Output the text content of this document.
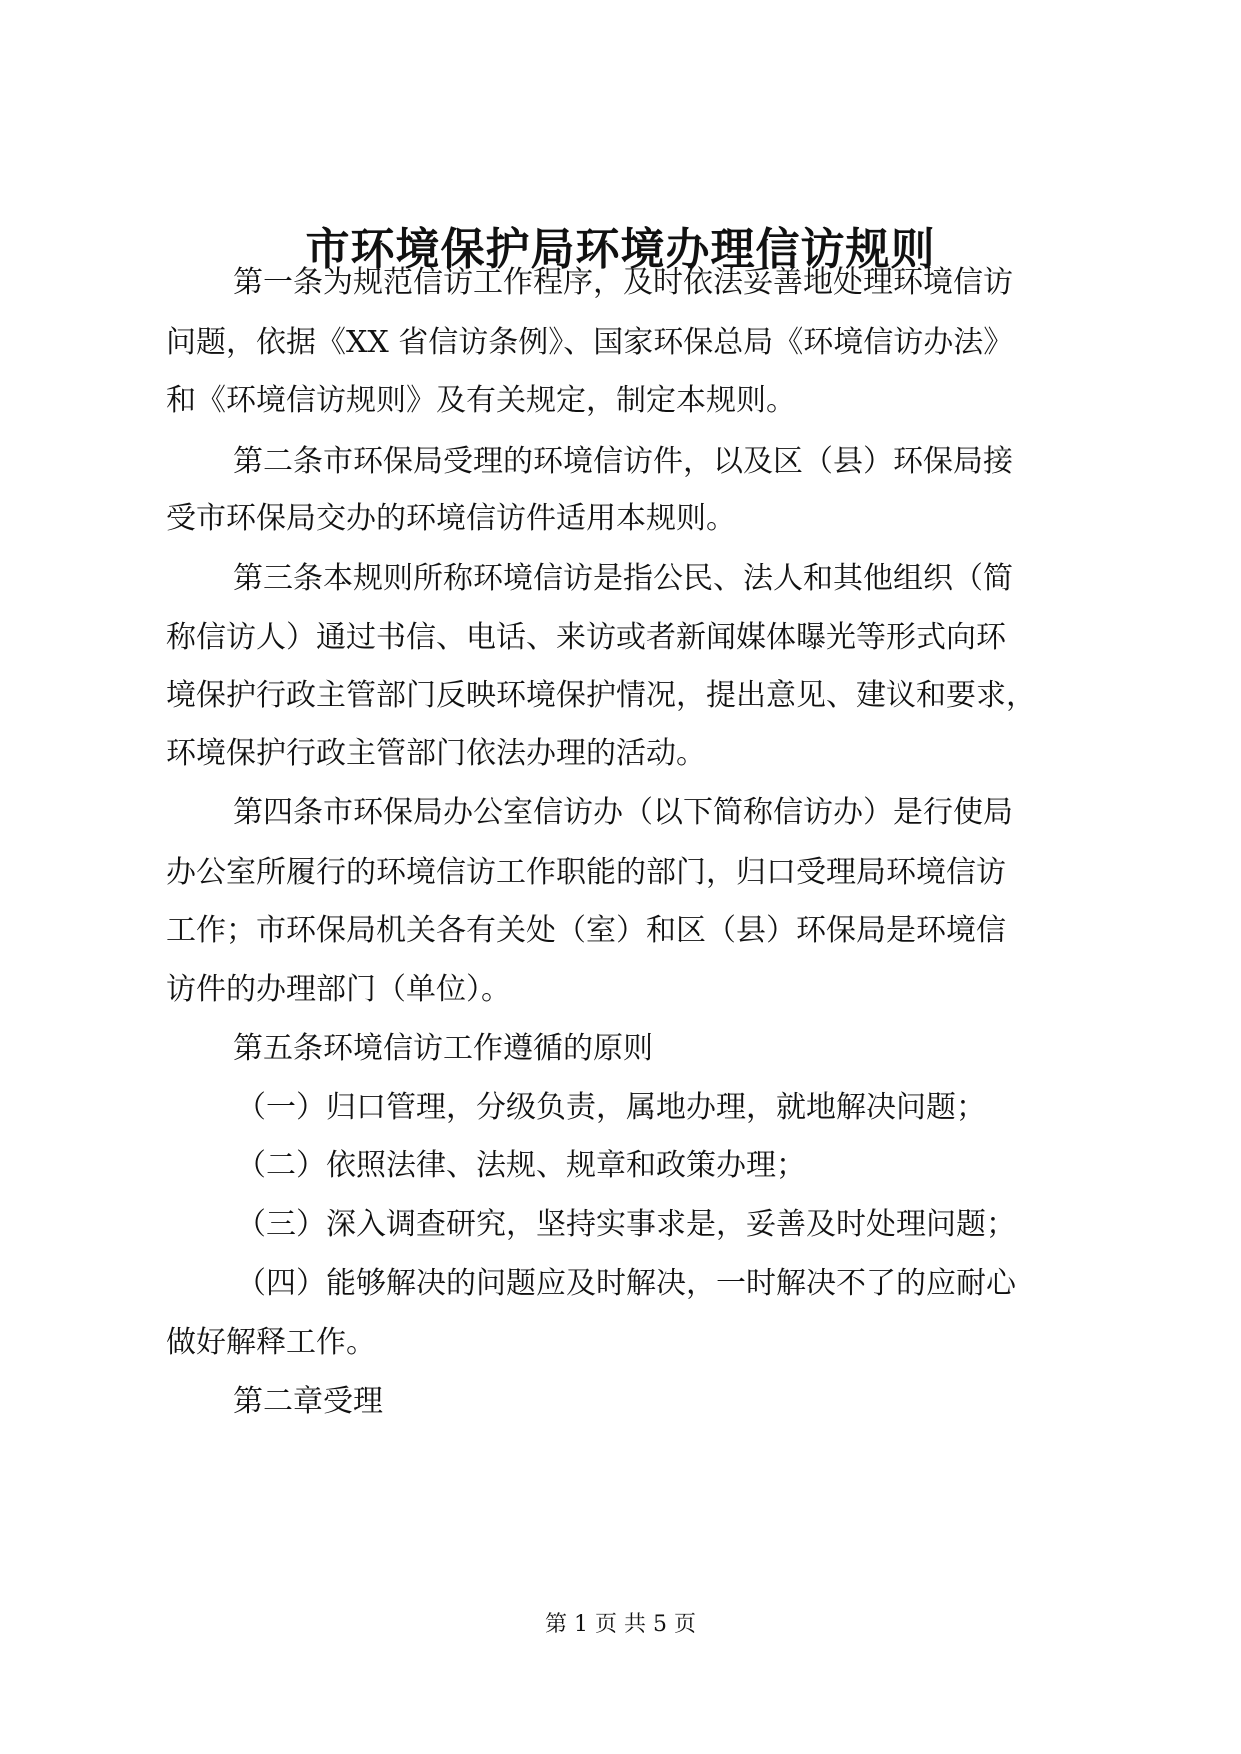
市环境保护局环境办理信访规则
第一条为规范信访工作程序，及时依法妥善地处理环境信访
问题，依据《XX 省信访条例》、国家环保总局《环境信访办法》
和《环境信访规则》及有关规定，制定本规则。
第二条市环保局受理的环境信访件，以及区（县）环保局接
受市环保局交办的环境信访件适用本规则。
第三条本规则所称环境信访是指公民、法人和其他组织（简
称信访人）通过书信、电话、来访或者新闻媒体曝光等形式向环
境保护行政主管部门反映环境保护情况，提出意见、建议和要求，
环境保护行政主管部门依法办理的活动。
第四条市环保局办公室信访办（以下简称信访办）是行使局
办公室所履行的环境信访工作职能的部门，归口受理局环境信访
工作；市环保局机关各有关处（室）和区（县）环保局是环境信
访件的办理部门（单位）。
第五条环境信访工作遵循的原则
（一）归口管理，分级负责，属地办理，就地解决问题；
（二）依照法律、法规、规章和政策办理；
（三）深入调查研究，坚持实事求是，妥善及时处理问题；
（四）能够解决的问题应及时解决，一时解决不了的应耐心
做好解释工作。
第二章受理
第 1 页 共 5 页
